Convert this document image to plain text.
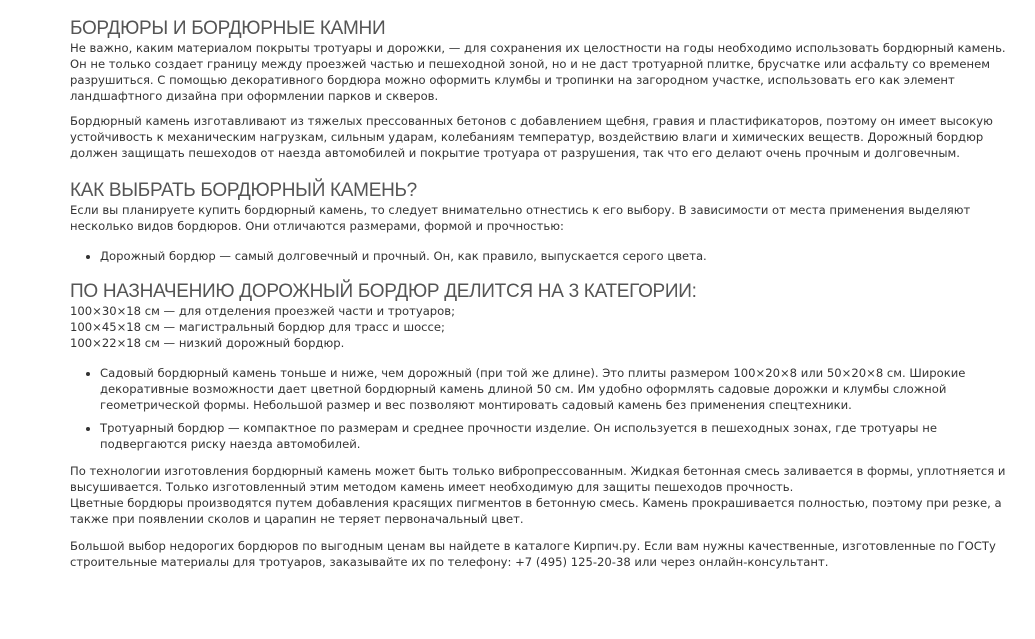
БОРДЮРЫ И БОРДЮРНЫЕ КАМНИ

Не важно, каким материалом покрыты тротуары и дорожки, — для сохранения их целостности на годы необходимо использовать бордюрный камень. Он не только создает границу между проезжей частью и пешеходной зоной, но и не даст тротуарной плитке, брусчатке или асфальту со временем разрушиться. С помощью декоративного бордюра можно оформить клумбы и тропинки на загородном участке, использовать его как элемент ландшафтного дизайна при оформлении парков и скверов.

Бордюрный камень изготавливают из тяжелых прессованных бетонов с добавлением щебня, гравия и пластификаторов, поэтому он имеет высокую устойчивость к механическим нагрузкам, сильным ударам, колебаниям температур, воздействию влаги и химических веществ. Дорожный бордюр должен защищать пешеходов от наезда автомобилей и покрытие тротуара от разрушения, так что его делают очень прочным и долговечным.

КАК ВЫБРАТЬ БОРДЮРНЫЙ КАМЕНЬ?

Если вы планируете купить бордюрный камень, то следует внимательно отнестись к его выбору. В зависимости от места применения выделяют несколько видов бордюров. Они отличаются размерами, формой и прочностью:

• Дорожный бордюр — самый долговечный и прочный. Он, как правило, выпускается серого цвета.
ПО НАЗНАЧЕНИЮ ДОРОЖНЫЙ БОРДЮР ДЕЛИТСЯ НА 3 КАТЕГОРИИ:

100×30×18 см — для отделения проезжей части и тротуаров;

100×45×18 см — магистральный бордюр для трасс и шоссе;

100×22×18 см — низкий дорожный бордюр.

• Садовый бордюрный камень тоньше и ниже, чем дорожный (при той же длине). Это плиты размером 100×20×8 или 50×20×8 см. Широкие декоративные возможности дает цветной бордюрный камень длиной 50 см. Им удобно оформлять садовые дорожки и клумбы сложной геометрической формы. Небольшой размер и вес позволяют монтировать садовый камень без применения спецтехники.
• Тротуарный бордюр — компактное по размерам и среднее прочности изделие. Он используется в пешеходных зонах, где тротуары не подвергаются риску наезда автомобилей.

По технологии изготовления бордюрный камень может быть только вибропрессованным. Жидкая бетонная смесь заливается в формы, уплотняется и высушивается. Только изготовленный этим методом камень имеет необходимую для защиты пешеходов прочность.

Цветные бордюры производятся путем добавления красящих пигментов в бетонную смесь. Камень прокрашивается полностью, поэтому при резке, а также при появлении сколов и царапин не теряет первоначальный цвет.

Большой выбор недорогих бордюров по выгодным ценам вы найдете в каталоге Кирпич.ру. Если вам нужны качественные, изготовленные по ГОСТу строительные материалы для тротуаров, заказывайте их по телефону: +7 (495) 125-20-38 или через онлайн-консультант.
